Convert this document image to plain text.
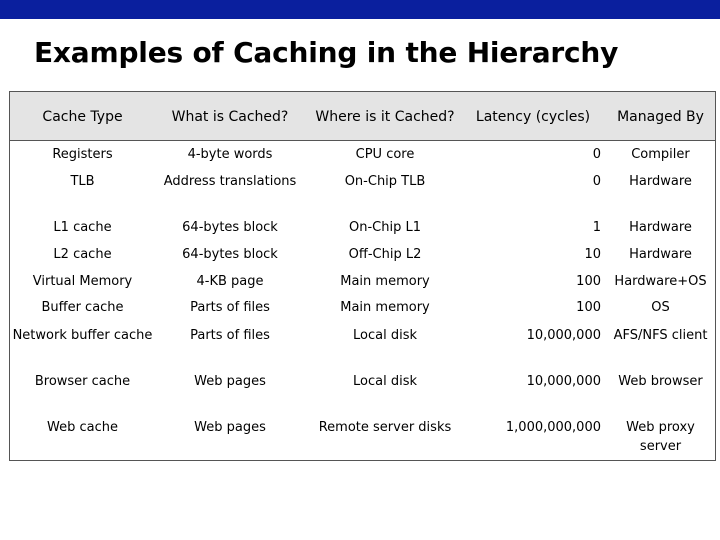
Examples of Caching in the Hierarchy
Cache Type	What is Cached?	Where is it Cached?	Latency (cycles)	Managed By
Registers	4-byte words	CPU core	0	Compiler
TLB	Address translations	On-Chip TLB	0	Hardware
L1 cache	64-bytes block	On-Chip L1	1	Hardware
L2 cache	64-bytes block	Off-Chip L2	10	Hardware
Virtual Memory	4-KB page	Main memory	100	Hardware+OS
Buffer cache	Parts of files	Main memory	100	OS
Network buffer cache	Parts of files	Local disk	10,000,000 AFS/NFS client
Browser cache	Web pages	Local disk	10,000,000	Web browser
Web cache	Web pages	Remote server disks	1,000,000,000	Web proxy server
